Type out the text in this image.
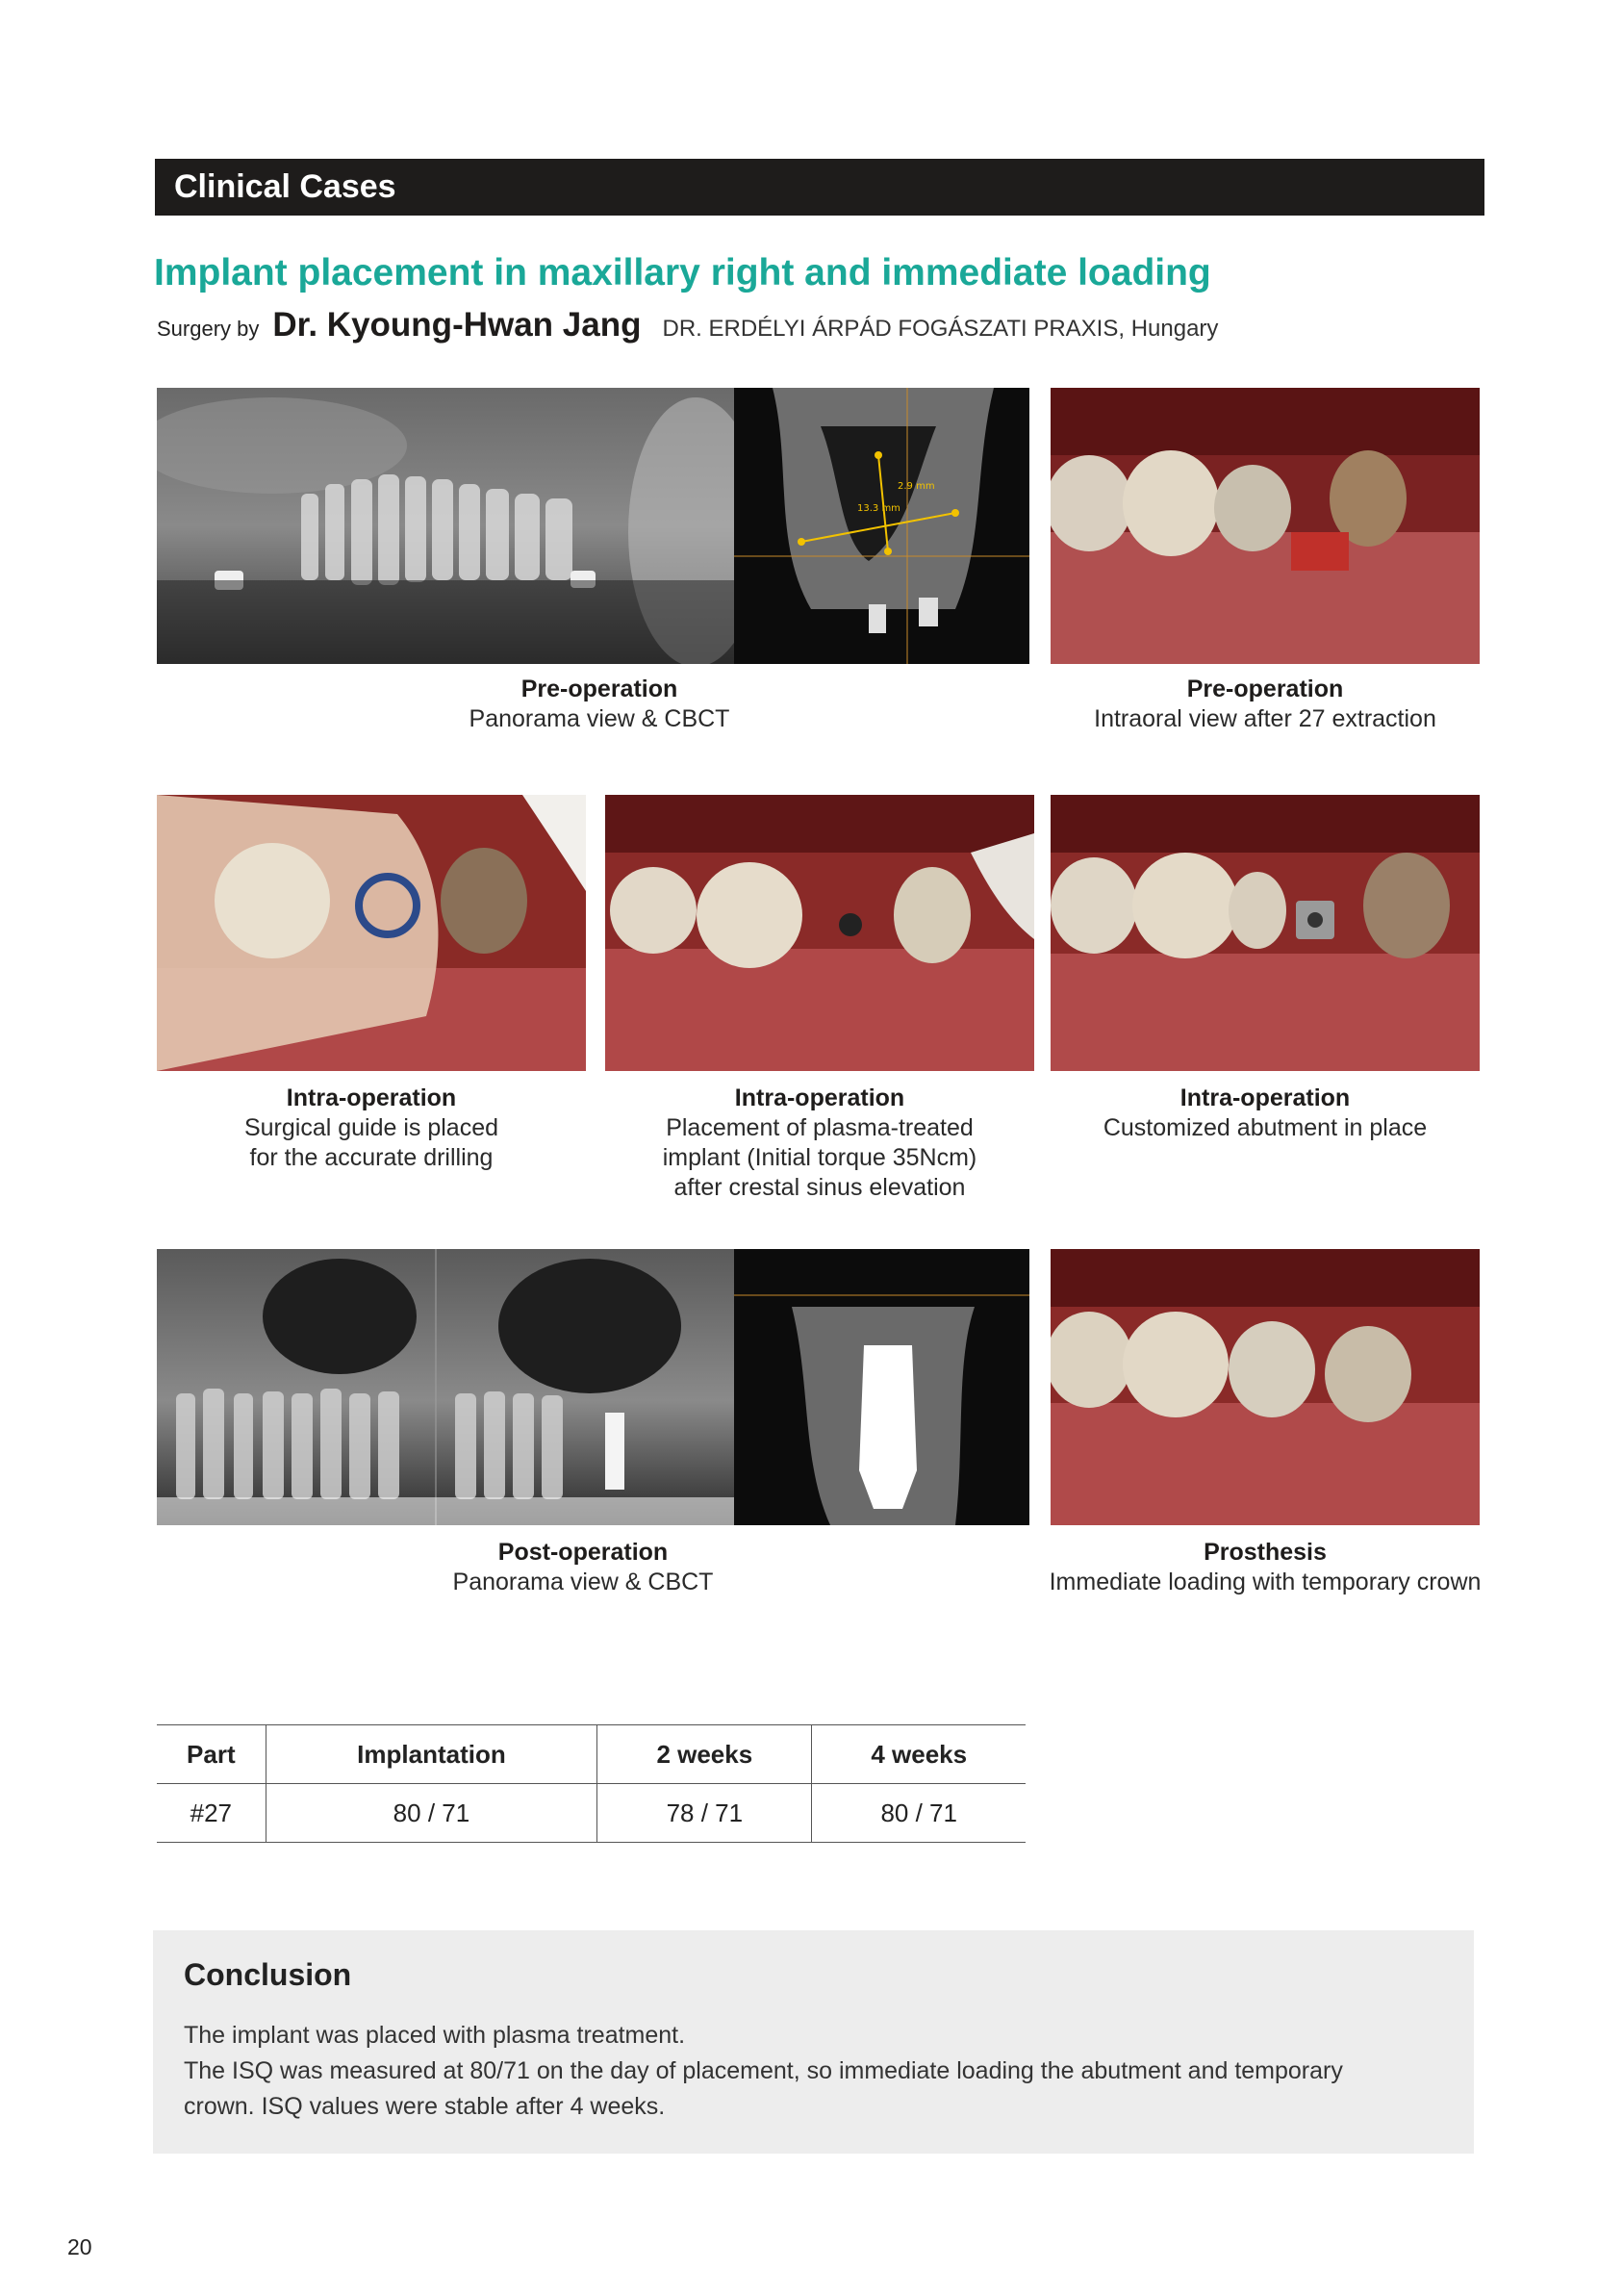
Clinical Cases
Implant placement in maxillary right and immediate loading
Surgery by Dr. Kyoung-Hwan Jang DR. ERDÉLYI ÁRPÁD FOGÁSZATI PRAXIS, Hungary
2.9 mm
13.3 mm
Pre-operation
Panorama view & CBCT
Pre-operation
Intraoral view after 27 extraction
Intra-operation
Surgical guide is placed
for the accurate drilling
Intra-operation
Placement of plasma-treated
implant (Initial torque 35Ncm)
after crestal sinus elevation
Intra-operation
Customized abutment in place
Post-operation
Panorama view & CBCT
Prosthesis
Immediate loading with temporary crown
Part	Implantation	2 weeks	4 weeks
#27	80 / 71	78 / 71	80 / 71
Conclusion
The implant was placed with plasma treatment.
The ISQ was measured at 80/71 on the day of placement, so immediate loading the abutment and temporary
crown. ISQ values were stable after 4 weeks.
20
